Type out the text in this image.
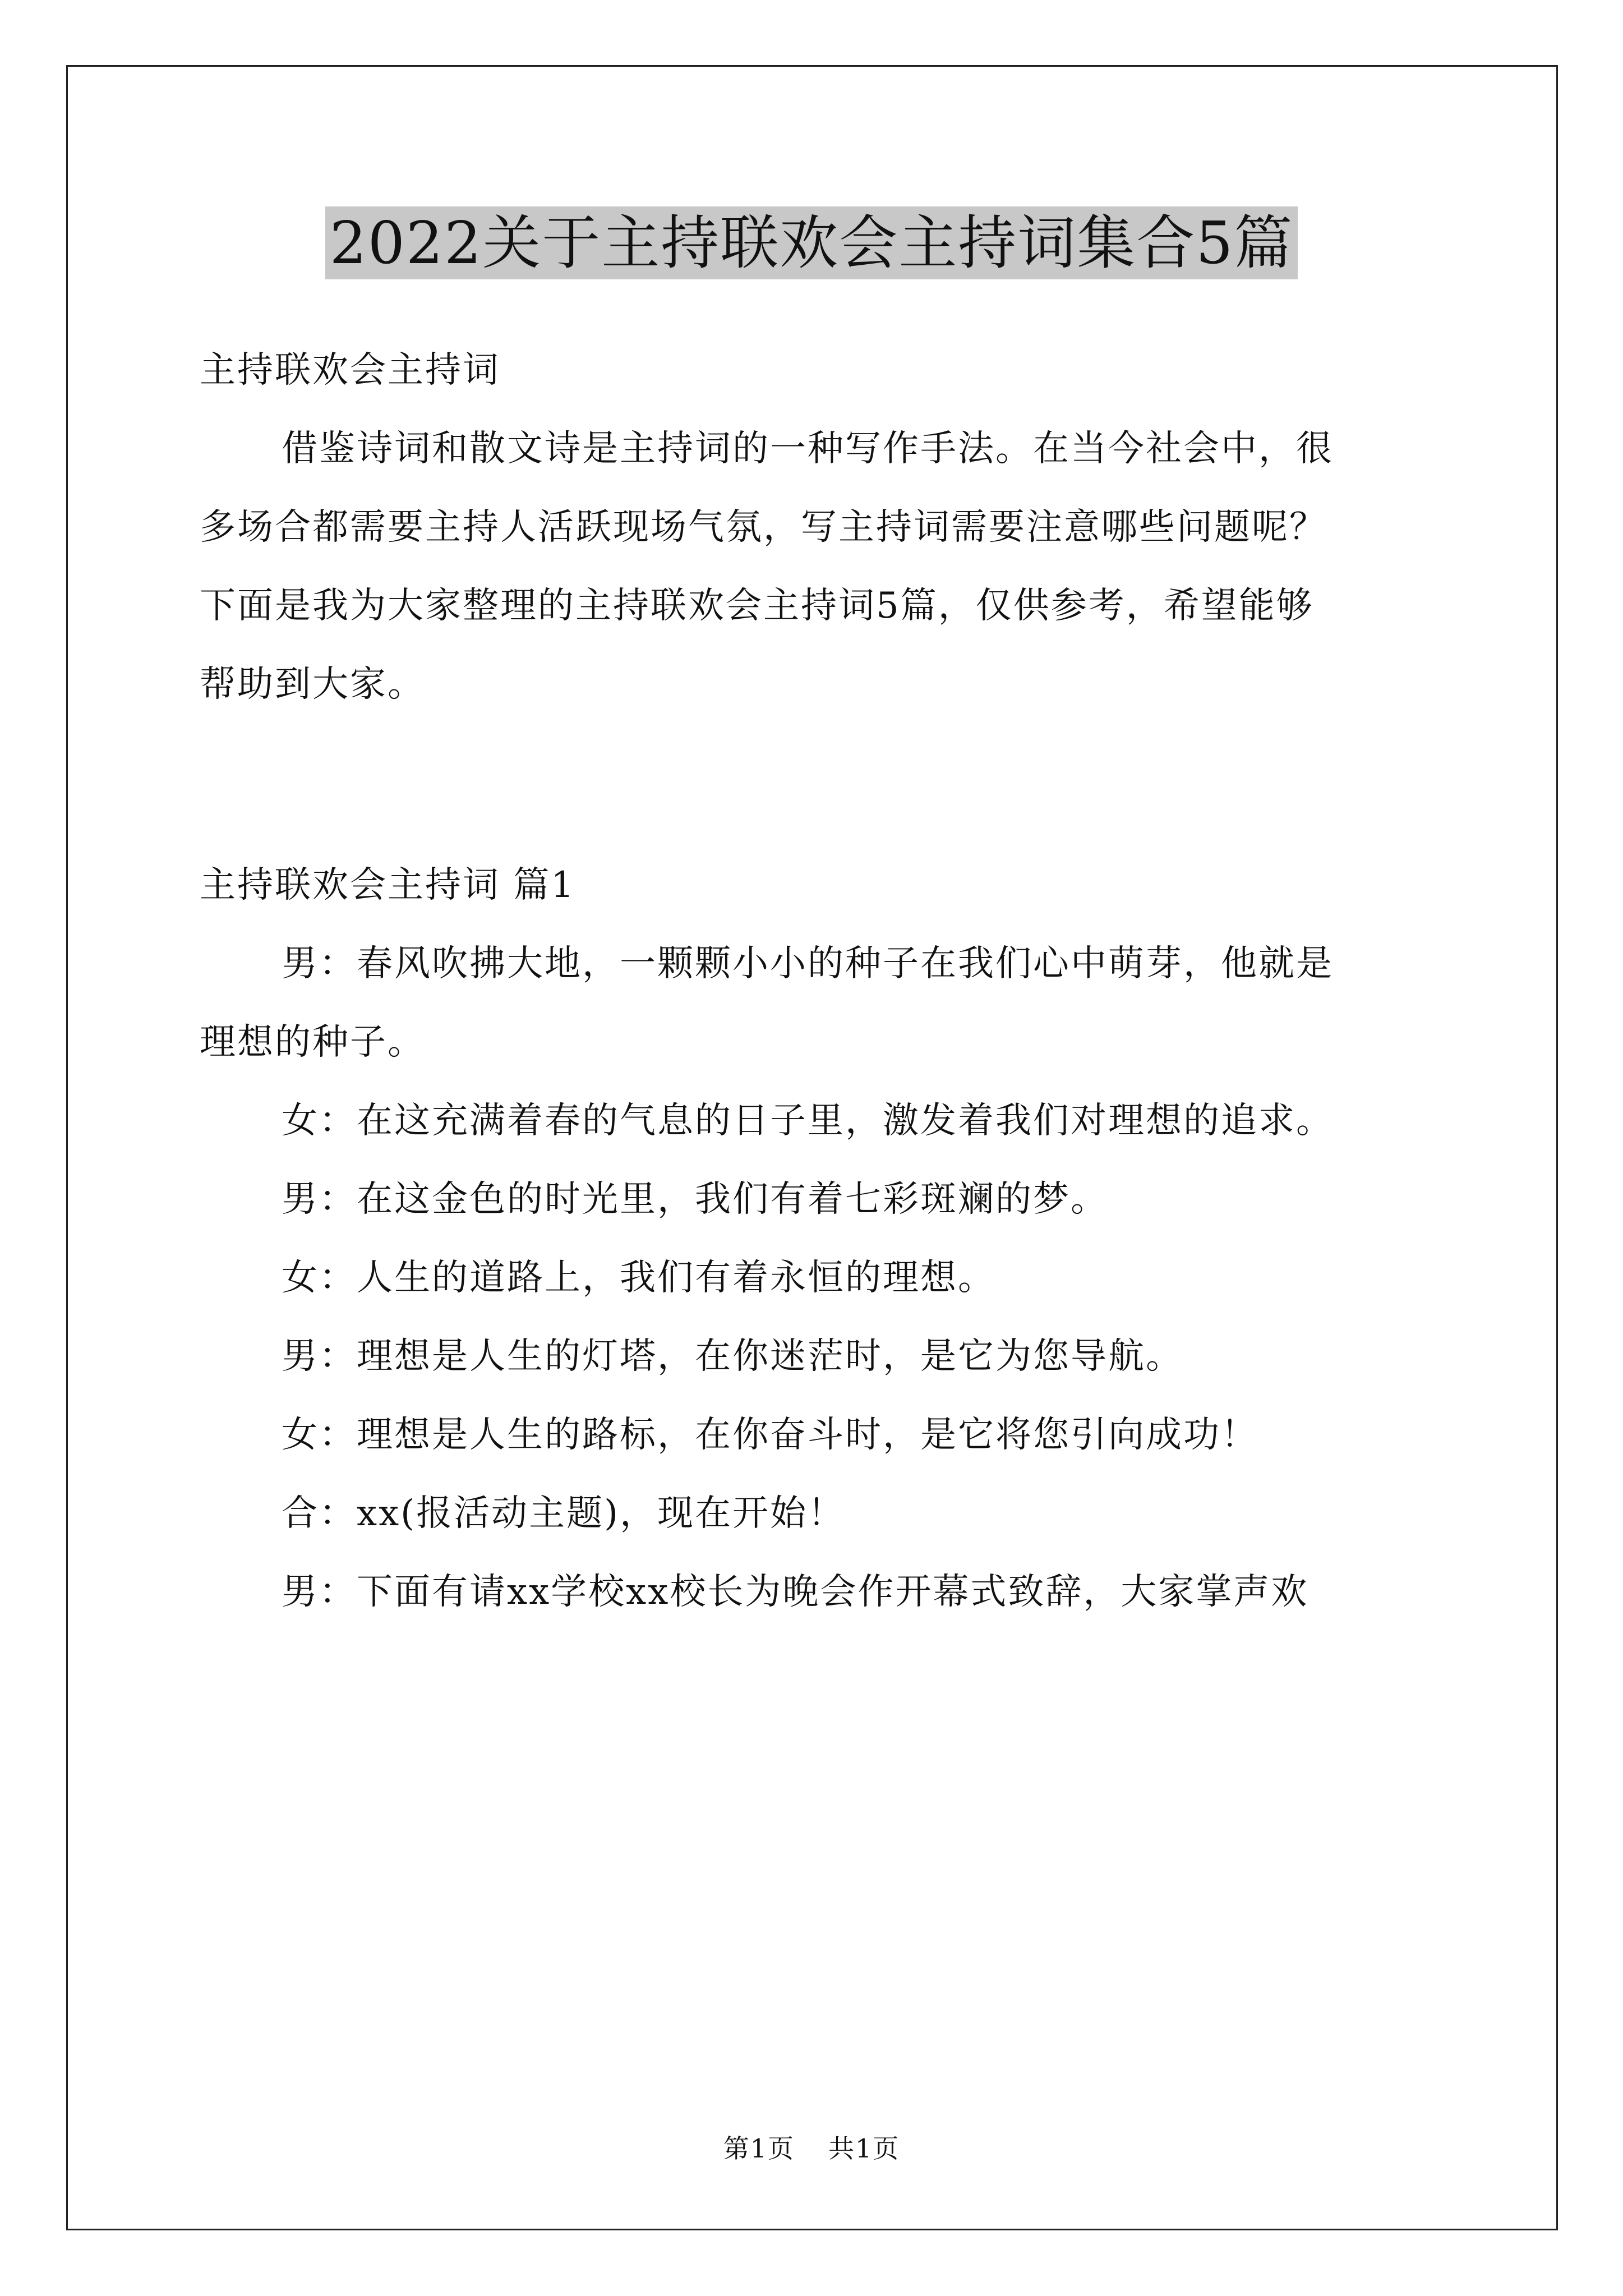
2022关于主持联欢会主持词集合5篇

主持联欢会主持词

借鉴诗词和散文诗是主持词的一种写作手法。在当今社会中，很

多场合都需要主持人活跃现场气氛，写主持词需要注意哪些问题呢？

下面是我为大家整理的主持联欢会主持词5篇，仅供参考，希望能够

帮助到大家。

主持联欢会主持词 篇1

男：春风吹拂大地，一颗颗小小的种子在我们心中萌芽，他就是

理想的种子。

女：在这充满着春的气息的日子里，激发着我们对理想的追求。

男：在这金色的时光里，我们有着七彩斑斓的梦。

女：人生的道路上，我们有着永恒的理想。

男：理想是人生的灯塔，在你迷茫时，是它为您导航。

女：理想是人生的路标，在你奋斗时，是它将您引向成功！

合：xx(报活动主题)，现在开始！

男：下面有请xx学校xx校长为晚会作开幕式致辞，大家掌声欢

第1页 共1页
